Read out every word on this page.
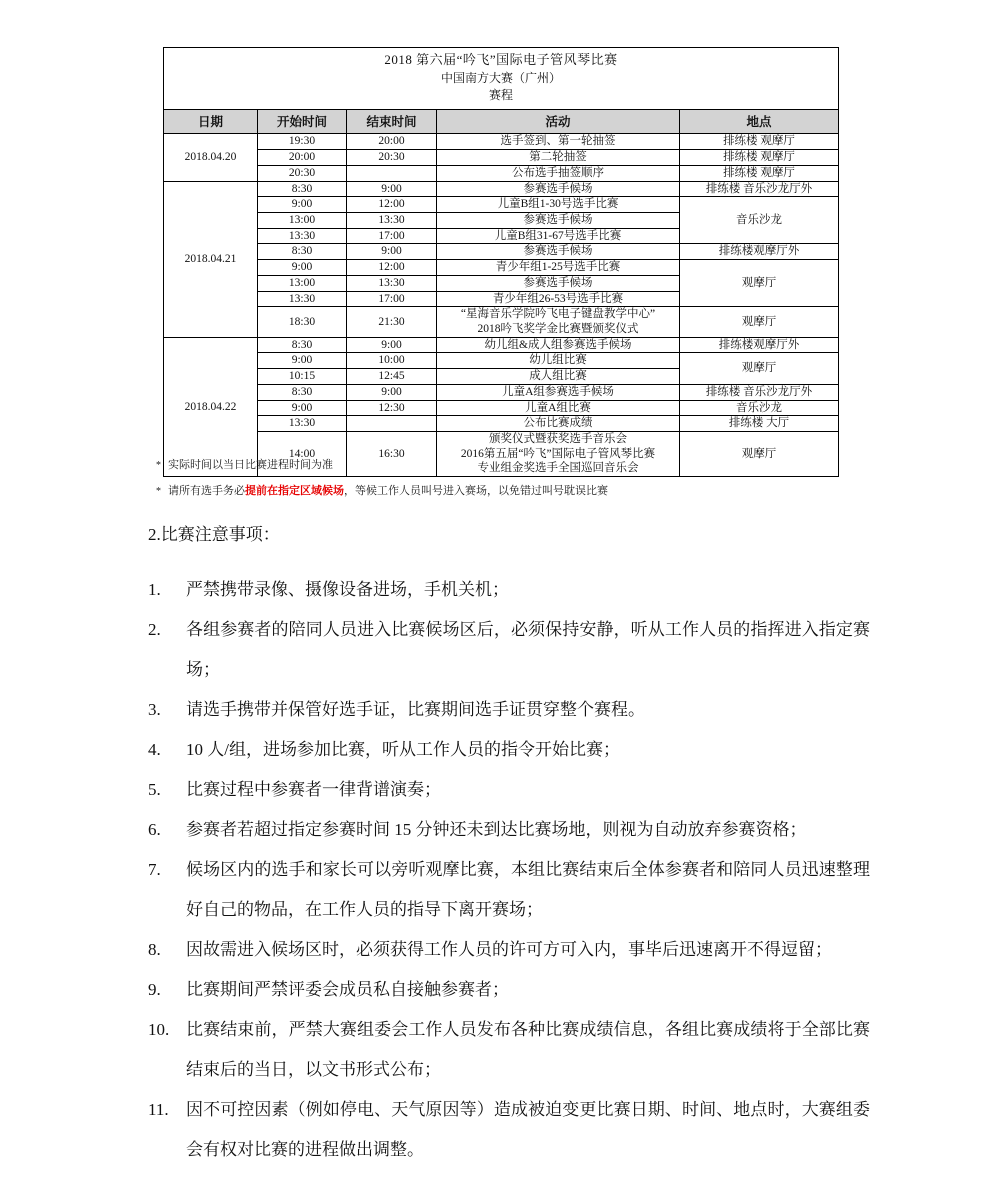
2018 第六届“吟飞”国际电子管风琴比赛
中国南方大赛（广州）
赛程				

日期	开始时间	结束时间	活动	地点
2018.04.20	19:30	20:00	选手签到、第一轮抽签	排练楼 观摩厅
	20:00	20:30	第二轮抽签	排练楼 观摩厅
	20:30		公布选手抽签顺序	排练楼 观摩厅
2018.04.21	8:30	9:00	参赛选手候场	排练楼 音乐沙龙厅外
	9:00	12:00	儿童B组1-30号选手比赛	音乐沙龙
	13:00	13:30	参赛选手候场	
	13:30	17:00	儿童B组31-67号选手比赛	
	8:30	9:00	参赛选手候场	排练楼观摩厅外
	9:00	12:00	青少年组1-25号选手比赛	观摩厅
	13:00	13:30	参赛选手候场	
	13:30	17:00	青少年组26-53号选手比赛	
	18:30	21:30	“星海音乐学院吟飞电子键盘教学中心”
2018吟飞奖学金比赛暨颁奖仪式	观摩厅
2018.04.22	8:30	9:00	幼儿组&成人组参赛选手候场	排练楼观摩厅外
	9:00	10:00	幼儿组比赛	观摩厅
	10:15	12:45	成人组比赛	
	8:30	9:00	儿童A组参赛选手候场	排练楼 音乐沙龙厅外
	9:00	12:30	儿童A组比赛	音乐沙龙
	13:30		公布比赛成绩	排练楼 大厅
	14:00	16:30	颁奖仪式暨获奖选手音乐会
2016第五届“吟飞”国际电子管风琴比赛
专业组金奖选手全国巡回音乐会	观摩厅
* 实际时间以当日比赛进程时间为准
* 请所有选手务必提前在指定区域候场，等候工作人员叫号进入赛场，以免错过叫号耽误比赛
2.比赛注意事项：
1.	严禁携带录像、摄像设备进场，手机关机；
2.	各组参赛者的陪同人员进入比赛候场区后，必须保持安静，听从工作人员的指挥进入指定赛场；
3.	请选手携带并保管好选手证，比赛期间选手证贯穿整个赛程。
4.	10 人/组，进场参加比赛，听从工作人员的指令开始比赛；
5.	比赛过程中参赛者一律背谱演奏；
6.	参赛者若超过指定参赛时间 15 分钟还未到达比赛场地，则视为自动放弃参赛资格；
7.	候场区内的选手和家长可以旁听观摩比赛，本组比赛结束后全体参赛者和陪同人员迅速整理好自己的物品，在工作人员的指导下离开赛场；
8.	因故需进入候场区时，必须获得工作人员的许可方可入内，事毕后迅速离开不得逗留；
9.	比赛期间严禁评委会成员私自接触参赛者；
10. 比赛结束前，严禁大赛组委会工作人员发布各种比赛成绩信息，各组比赛成绩将于全部比赛结束后的当日，以文书形式公布；
11.	因不可控因素（例如停电、天气原因等）造成被迫变更比赛日期、时间、地点时，大赛组委会有权对比赛的进程做出调整。
